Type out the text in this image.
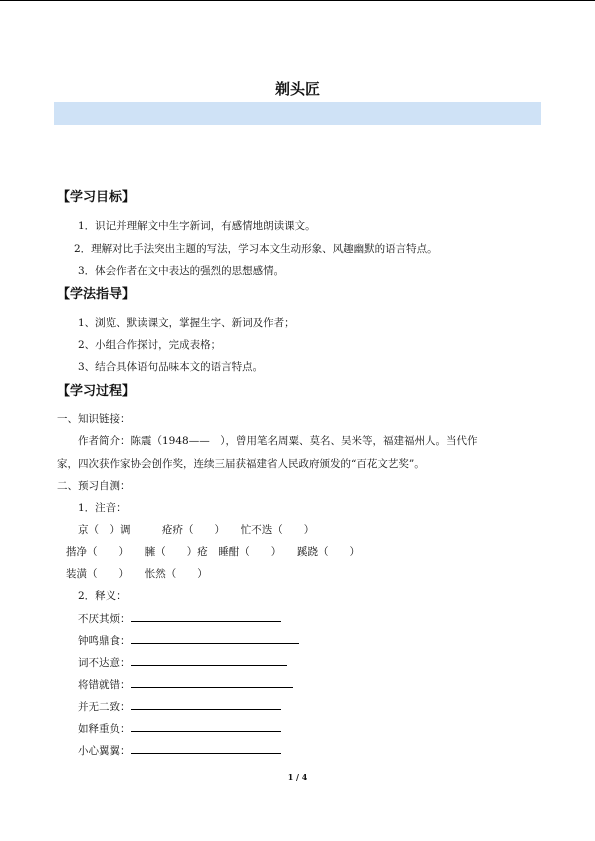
剃头匠
【学习目标】
1．识记并理解文中生字新词，有感情地朗读课文。
2．理解对比手法突出主题的写法，学习本文生动形象、风趣幽默的语言特点。
3．体会作者在文中表达的强烈的思想感情。
【学法指导】
1、浏览、默读课文，掌握生字、新词及作者；
2、小组合作探讨，完成表格；
3、结合具体语句品味本文的语言特点。
【学习过程】
一、知识链接：
作者简介：陈震（1948——　），曾用笔名周粟、莫名、吴米等，福建福州人。当代作
家，四次获作家协会创作奖，连续三届获福建省人民政府颁发的“百花文艺奖”。
二、预习自测：
1．注音：
京（　）调　　　疮疥（　　）　　忙不迭（　　）
揩净（　　）　　臃（　　）疮　睡酣（　　）　　蹊跷（　　）
装潢（　　）　　怅然（　　）
2．释义：
不厌其烦：
钟鸣鼎食：
词不达意：
将错就错：
并无二致：
如释重负：
小心翼翼：
1 / 4
